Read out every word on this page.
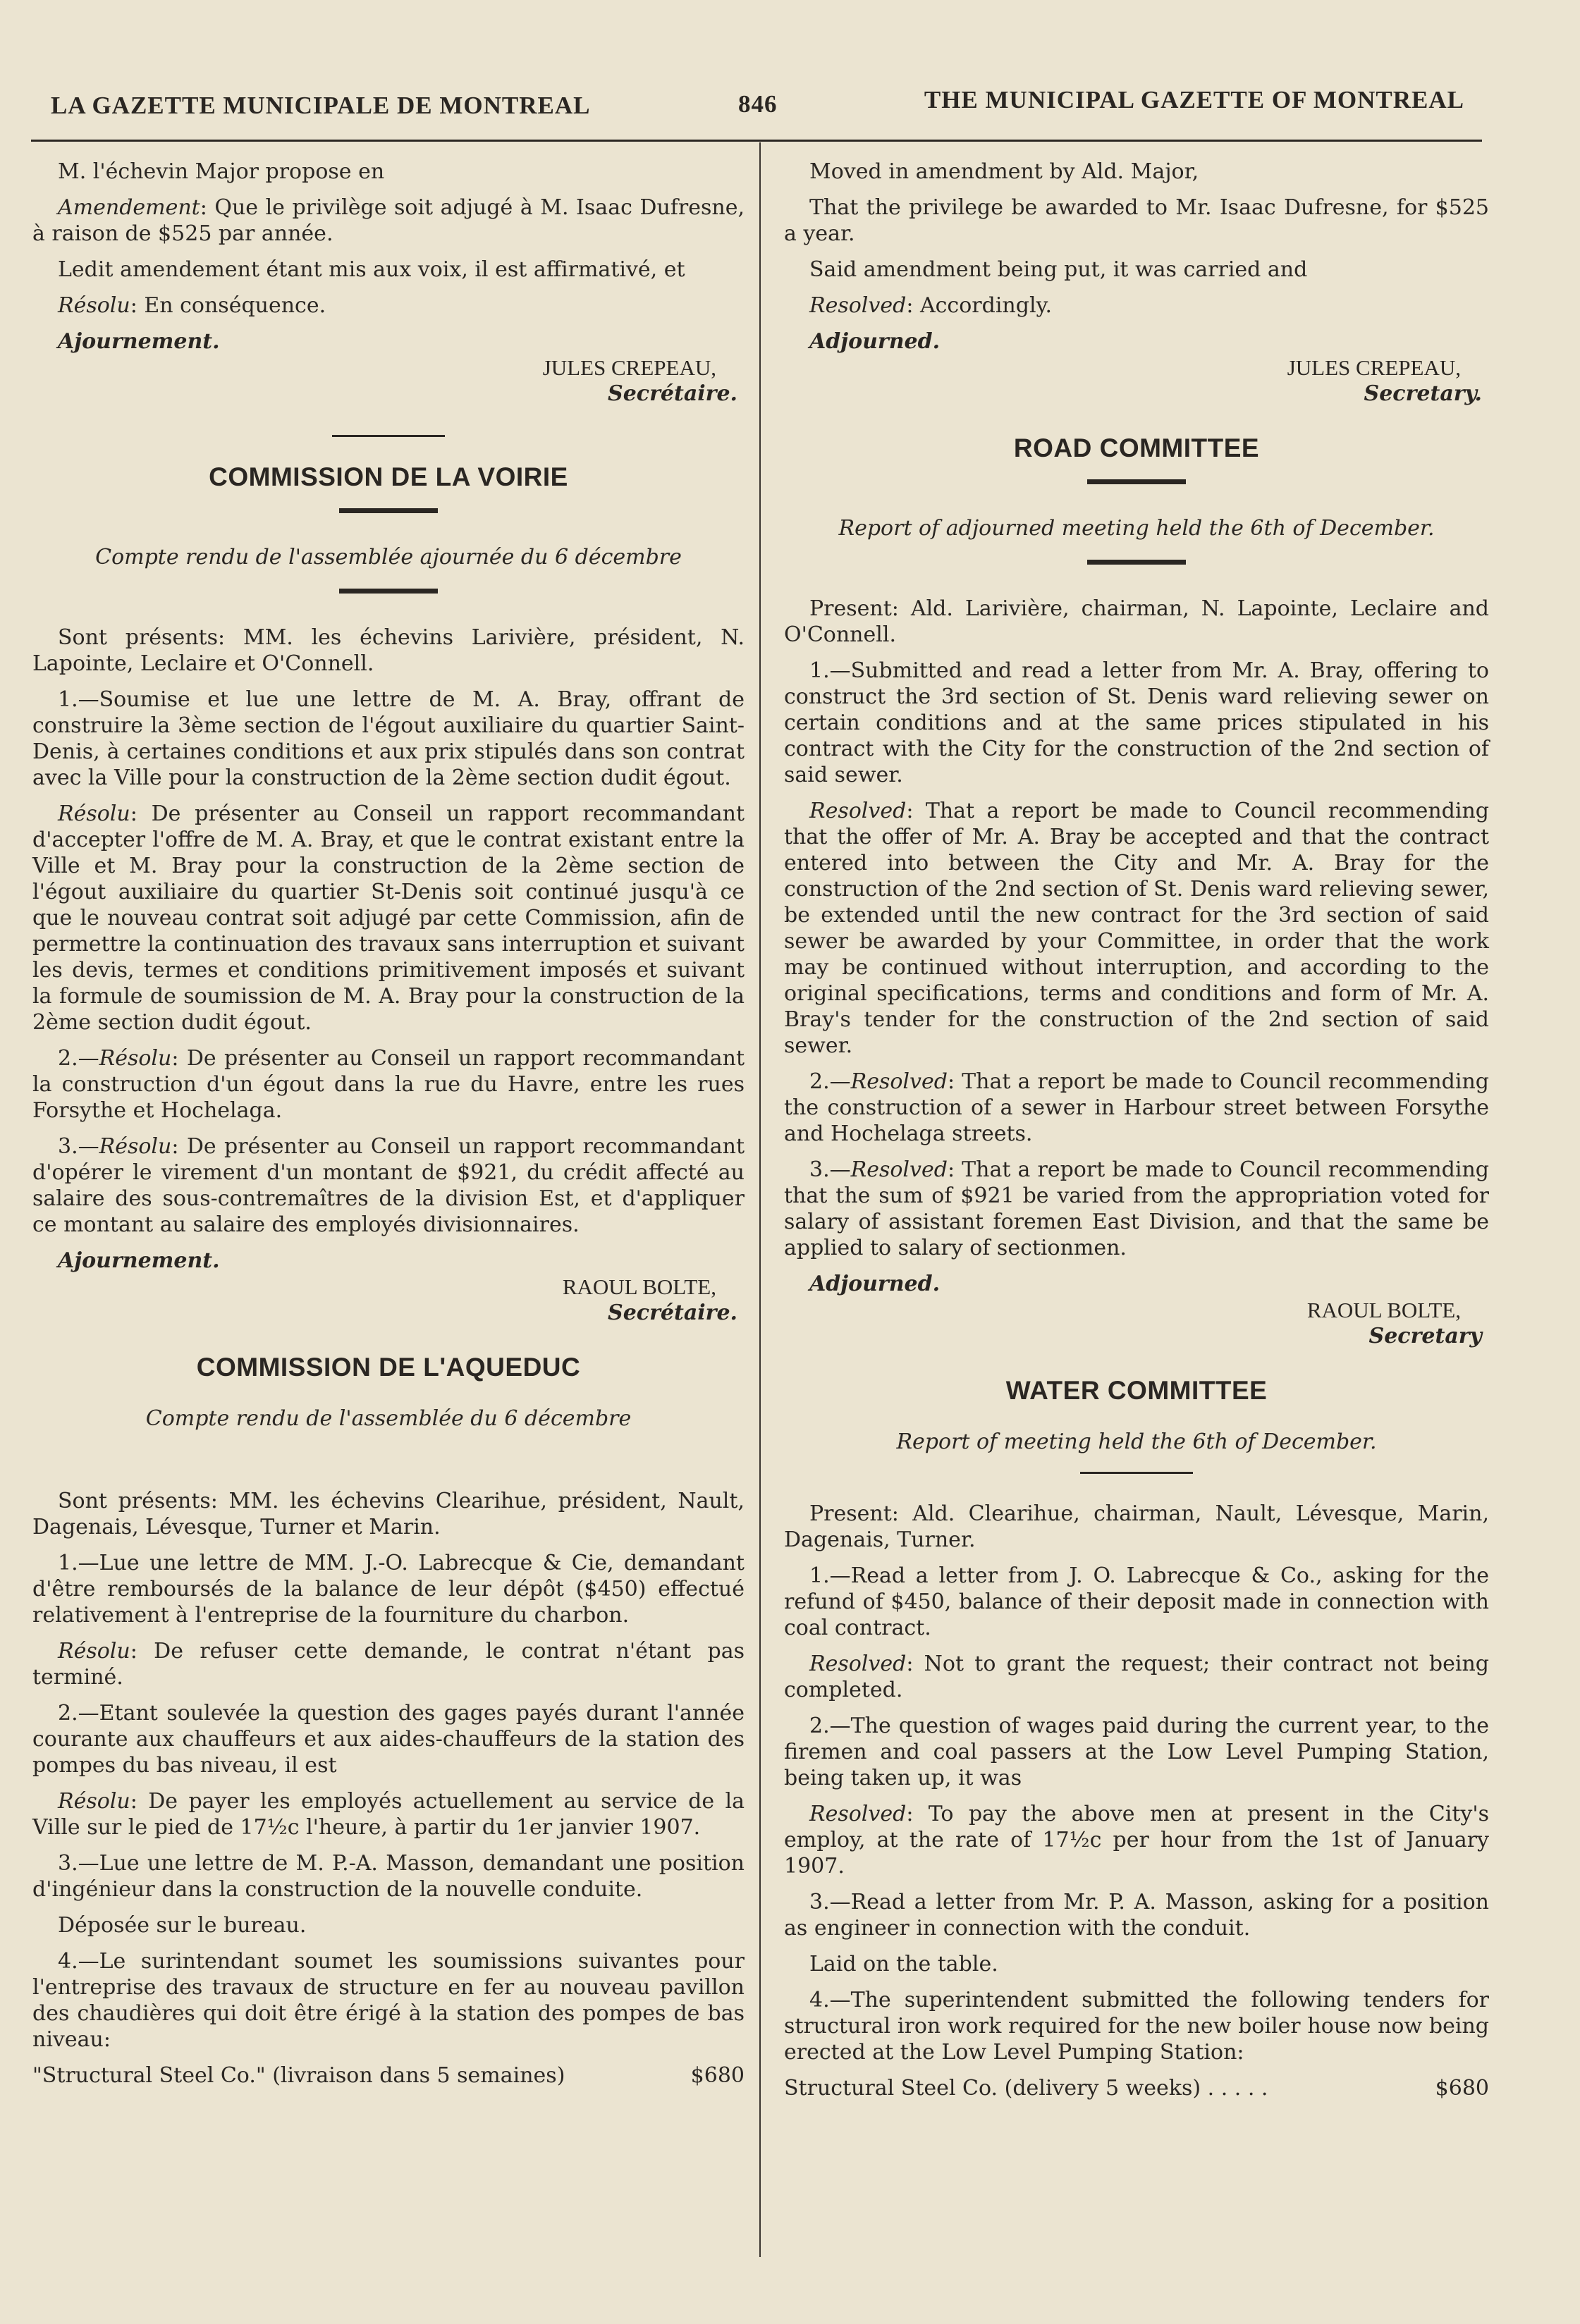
LA GAZETTE MUNICIPALE DE MONTREAL	846	THE MUNICIPAL GAZETTE OF MONTREAL

M. l'échevin Major propose en

Amendement: Que le privilège soit adjugé à M. Isaac Dufresne, à raison de $525 par année.

Ledit amendement étant mis aux voix, il est affirmativé, et

Résolu: En conséquence.

Ajournement.

JULES CREPEAU,

Secrétaire.

COMMISSION DE LA VOIRIE

Compte rendu de l'assemblée ajournée du 6 décembre

Sont présents: MM. les échevins Larivière, président, N. Lapointe, Leclaire et O'Connell.

1.—Soumise et lue une lettre de M. A. Bray, offrant de construire la 3ème section de l'égout auxiliaire du quartier Saint-Denis, à certaines conditions et aux prix stipulés dans son contrat avec la Ville pour la construction de la 2ème section dudit égout.

Résolu: De présenter au Conseil un rapport recommandant d'accepter l'offre de M. A. Bray, et que le contrat existant entre la Ville et M. Bray pour la construction de la 2ème section de l'égout auxiliaire du quartier St-Denis soit continué jusqu'à ce que le nouveau contrat soit adjugé par cette Commission, afin de permettre la continuation des travaux sans interruption et suivant les devis, termes et conditions primitivement imposés et suivant la formule de soumission de M. A. Bray pour la construction de la 2ème section dudit égout.

2.—Résolu: De présenter au Conseil un rapport recommandant la construction d'un égout dans la rue du Havre, entre les rues Forsythe et Hochelaga.

3.—Résolu: De présenter au Conseil un rapport recommandant d'opérer le virement d'un montant de $921, du crédit affecté au salaire des sous-contremaîtres de la division Est, et d'appliquer ce montant au salaire des employés divisionnaires.

Ajournement.

RAOUL BOLTE,

Secrétaire.

COMMISSION DE L'AQUEDUC

Compte rendu de l'assemblée du 6 décembre

Sont présents: MM. les échevins Clearihue, président, Nault, Dagenais, Lévesque, Turner et Marin.

1.—Lue une lettre de MM. J.-O. Labrecque & Cie, demandant d'être remboursés de la balance de leur dépôt ($450) effectué relativement à l'entreprise de la fourniture du charbon.

Résolu: De refuser cette demande, le contrat n'étant pas terminé.

2.—Etant soulevée la question des gages payés durant l'année courante aux chauffeurs et aux aides-chauffeurs de la station des pompes du bas niveau, il est

Résolu: De payer les employés actuellement au service de la Ville sur le pied de 17½c l'heure, à partir du 1er janvier 1907.

3.—Lue une lettre de M. P.-A. Masson, demandant une position d'ingénieur dans la construction de la nouvelle conduite.

Déposée sur le bureau.

4.—Le surintendant soumet les soumissions suivantes pour l'entreprise des travaux de structure en fer au nouveau pavillon des chaudières qui doit être érigé à la station des pompes de bas niveau:

"Structural Steel Co." (livraison dans 5 semaines)	$680

Moved in amendment by Ald. Major,

That the privilege be awarded to Mr. Isaac Dufresne, for $525 a year.

Said amendment being put, it was carried and

Resolved: Accordingly.

Adjourned.

JULES CREPEAU,

Secretary.

ROAD COMMITTEE

Report of adjourned meeting held the 6th of December.

Present: Ald. Larivière, chairman, N. Lapointe, Leclaire and O'Connell.

1.—Submitted and read a letter from Mr. A. Bray, offering to construct the 3rd section of St. Denis ward relieving sewer on certain conditions and at the same prices stipulated in his contract with the City for the construction of the 2nd section of said sewer.

Resolved: That a report be made to Council recommending that the offer of Mr. A. Bray be accepted and that the contract entered into between the City and Mr. A. Bray for the construction of the 2nd section of St. Denis ward relieving sewer, be extended until the new contract for the 3rd section of said sewer be awarded by your Committee, in order that the work may be continued without interruption, and according to the original specifications, terms and conditions and form of Mr. A. Bray's tender for the construction of the 2nd section of said sewer.

2.—Resolved: That a report be made to Council recommending the construction of a sewer in Harbour street between Forsythe and Hochelaga streets.

3.—Resolved: That a report be made to Council recommending that the sum of $921 be varied from the appropriation voted for salary of assistant foremen East Division, and that the same be applied to salary of sectionmen.

Adjourned.

RAOUL BOLTE,

Secretary

WATER COMMITTEE

Report of meeting held the 6th of December.

Present: Ald. Clearihue, chairman, Nault, Lévesque, Marin, Dagenais, Turner.

1.—Read a letter from J. O. Labrecque & Co., asking for the refund of $450, balance of their deposit made in connection with coal contract.

Resolved: Not to grant the request; their contract not being completed.

2.—The question of wages paid during the current year, to the firemen and coal passers at the Low Level Pumping Station, being taken up, it was

Resolved: To pay the above men at present in the City's employ, at the rate of 17½c per hour from the 1st of January 1907.

3.—Read a letter from Mr. P. A. Masson, asking for a position as engineer in connection with the conduit.

Laid on the table.

4.—The superintendent submitted the following tenders for structural iron work required for the new boiler house now being erected at the Low Level Pumping Station:

Structural Steel Co. (delivery 5 weeks) . . . . .	$680
